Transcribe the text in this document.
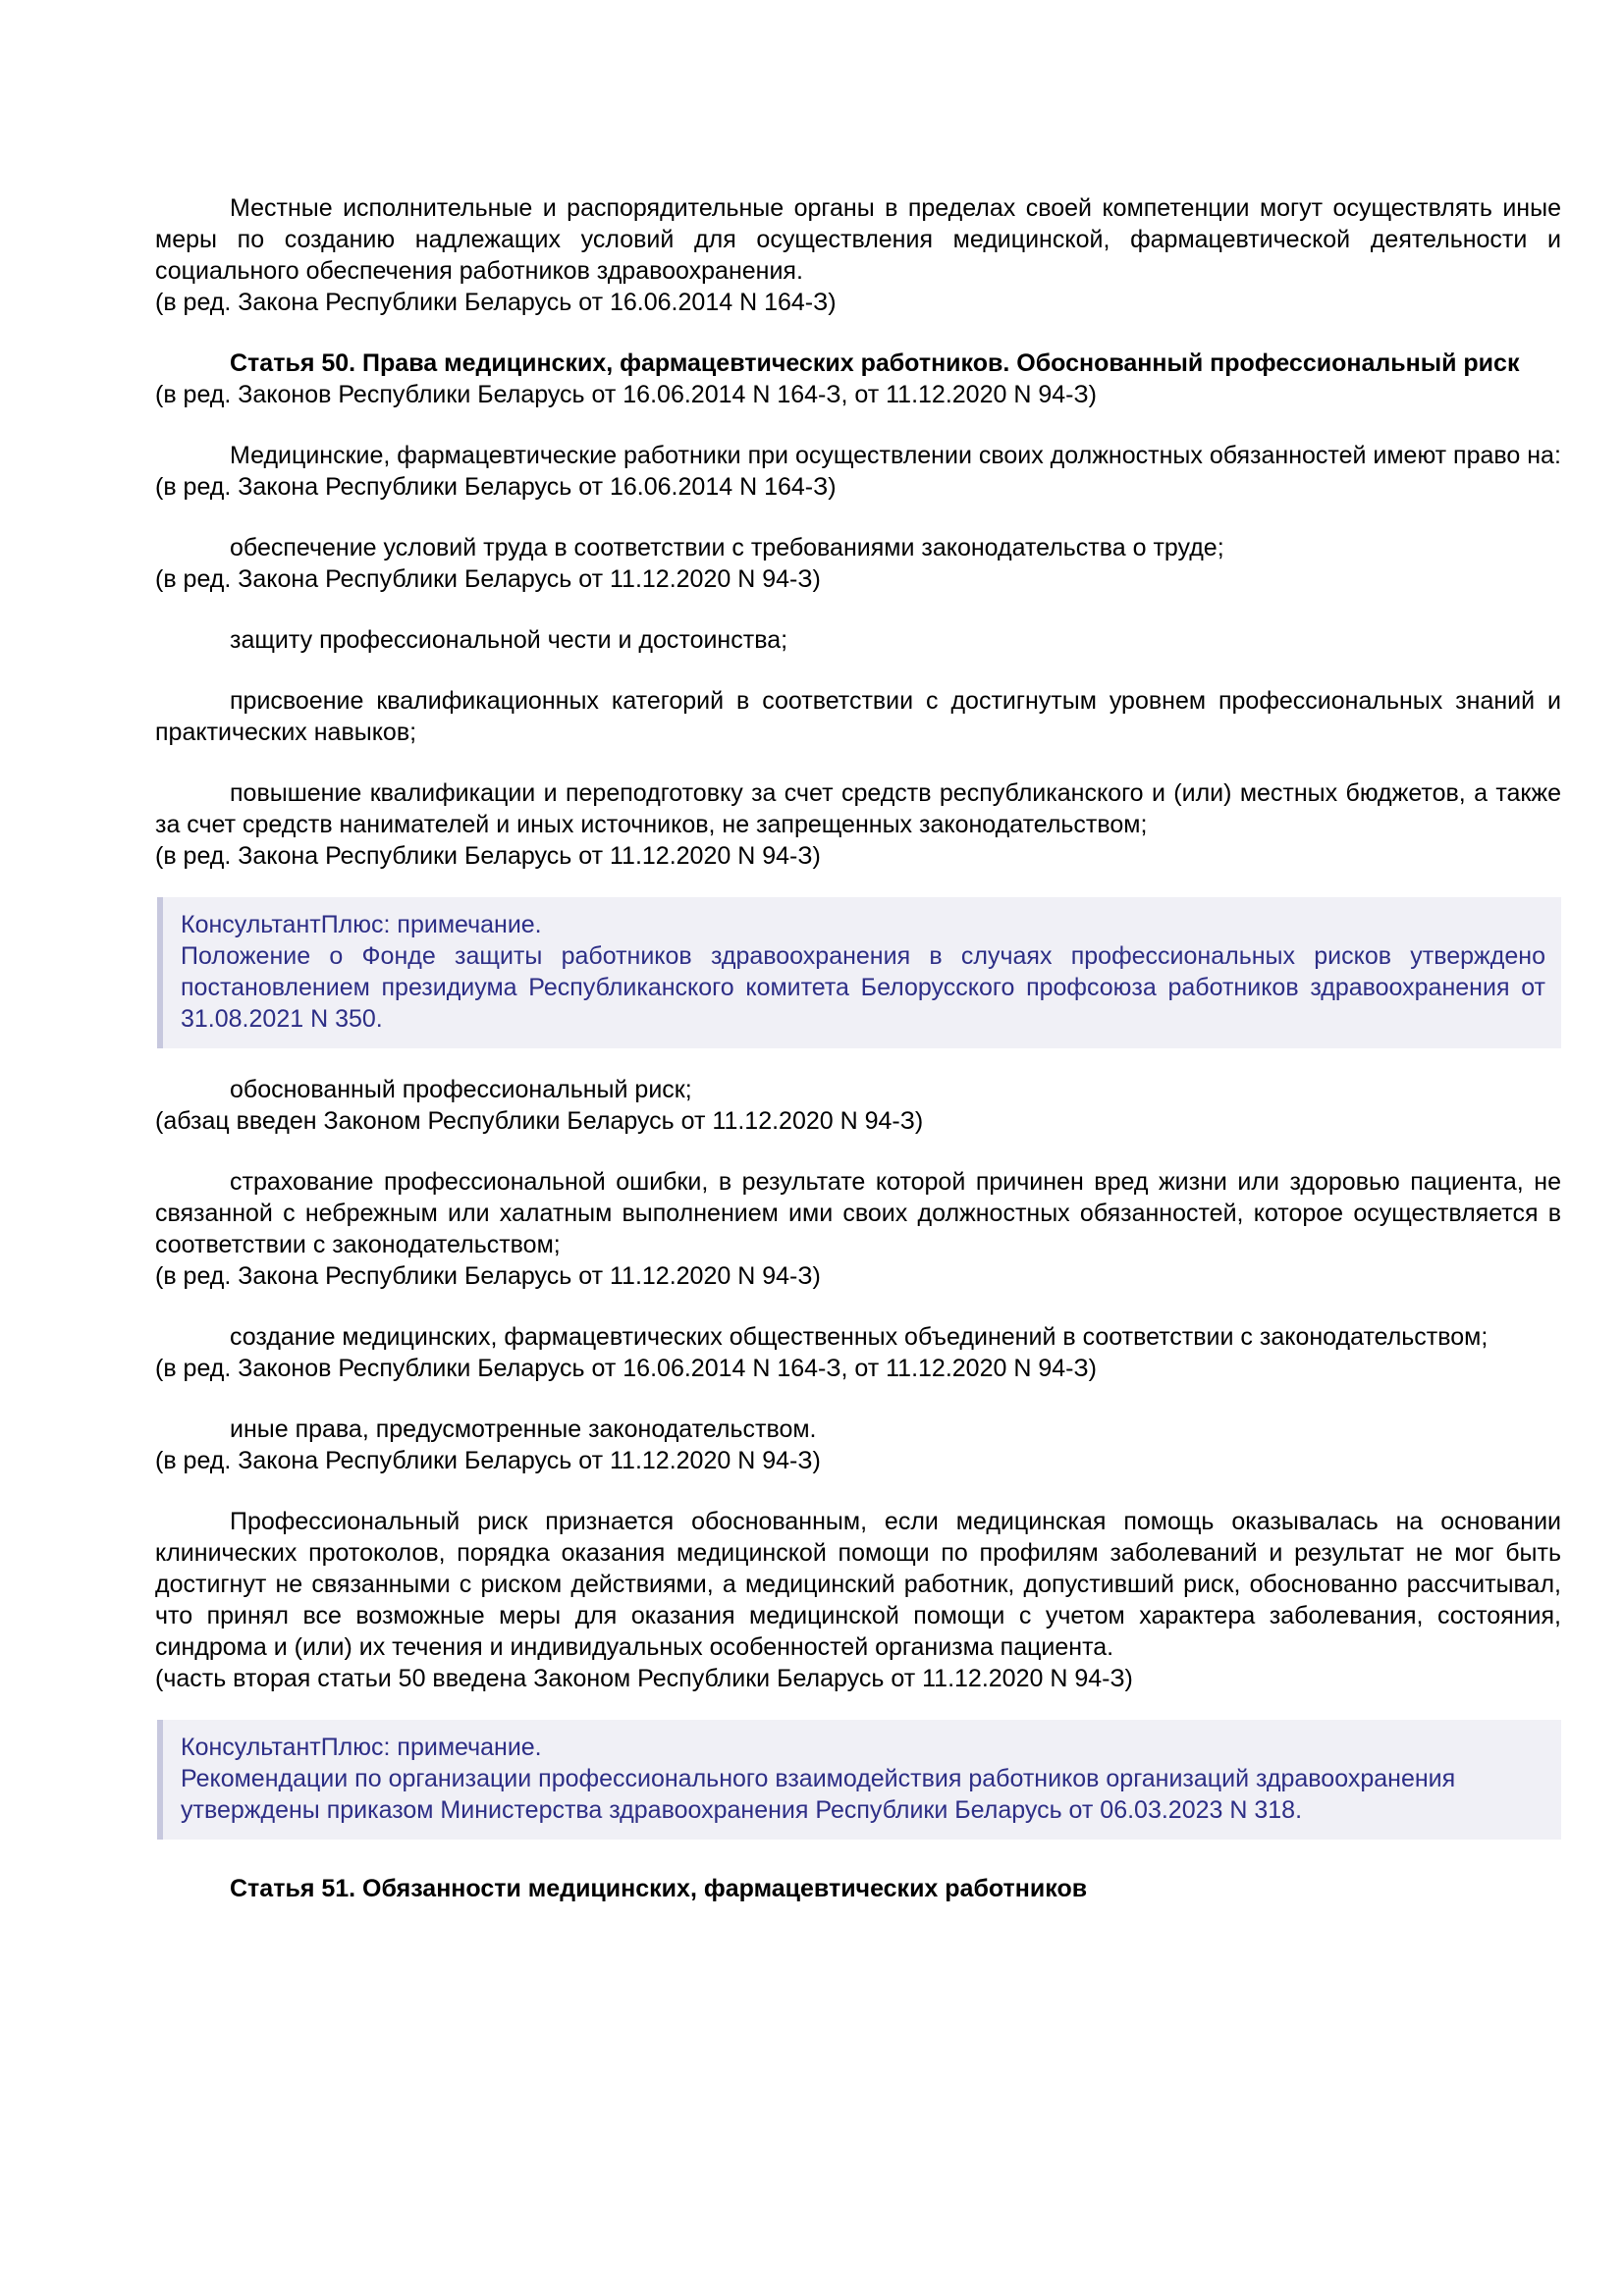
Местные исполнительные и распорядительные органы в пределах своей компетенции могут осуществлять иные меры по созданию надлежащих условий для осуществления медицинской, фармацевтической деятельности и социального обеспечения работников здравоохранения.

(в ред. Закона Республики Беларусь от 16.06.2014 N 164-З)

Статья 50. Права медицинских, фармацевтических работников. Обоснованный профессиональный риск

(в ред. Законов Республики Беларусь от 16.06.2014 N 164-З, от 11.12.2020 N 94-З)

Медицинские, фармацевтические работники при осуществлении своих должностных обязанностей имеют право на:

(в ред. Закона Республики Беларусь от 16.06.2014 N 164-З)

обеспечение условий труда в соответствии с требованиями законодательства о труде;

(в ред. Закона Республики Беларусь от 11.12.2020 N 94-З)

защиту профессиональной чести и достоинства;

присвоение квалификационных категорий в соответствии с достигнутым уровнем профессиональных знаний и практических навыков;

повышение квалификации и переподготовку за счет средств республиканского и (или) местных бюджетов, а также за счет средств нанимателей и иных источников, не запрещенных законодательством;

(в ред. Закона Республики Беларусь от 11.12.2020 N 94-З)

КонсультантПлюс: примечание.

Положение о Фонде защиты работников здравоохранения в случаях профессиональных рисков утверждено постановлением президиума Республиканского комитета Белорусского профсоюза работников здравоохранения от 31.08.2021 N 350.

обоснованный профессиональный риск;

(абзац введен Законом Республики Беларусь от 11.12.2020 N 94-З)

страхование профессиональной ошибки, в результате которой причинен вред жизни или здоровью пациента, не связанной с небрежным или халатным выполнением ими своих должностных обязанностей, которое осуществляется в соответствии с законодательством;

(в ред. Закона Республики Беларусь от 11.12.2020 N 94-З)

создание медицинских, фармацевтических общественных объединений в соответствии с законодательством;

(в ред. Законов Республики Беларусь от 16.06.2014 N 164-З, от 11.12.2020 N 94-З)

иные права, предусмотренные законодательством.

(в ред. Закона Республики Беларусь от 11.12.2020 N 94-З)

Профессиональный риск признается обоснованным, если медицинская помощь оказывалась на основании клинических протоколов, порядка оказания медицинской помощи по профилям заболеваний и результат не мог быть достигнут не связанными с риском действиями, а медицинский работник, допустивший риск, обоснованно рассчитывал, что принял все возможные меры для оказания медицинской помощи с учетом характера заболевания, состояния, синдрома и (или) их течения и индивидуальных особенностей организма пациента.

(часть вторая статьи 50 введена Законом Республики Беларусь от 11.12.2020 N 94-З)

КонсультантПлюс: примечание.

Рекомендации по организации профессионального взаимодействия работников организаций здравоохранения утверждены приказом Министерства здравоохранения Республики Беларусь от 06.03.2023 N 318.

Статья 51. Обязанности медицинских, фармацевтических работников
